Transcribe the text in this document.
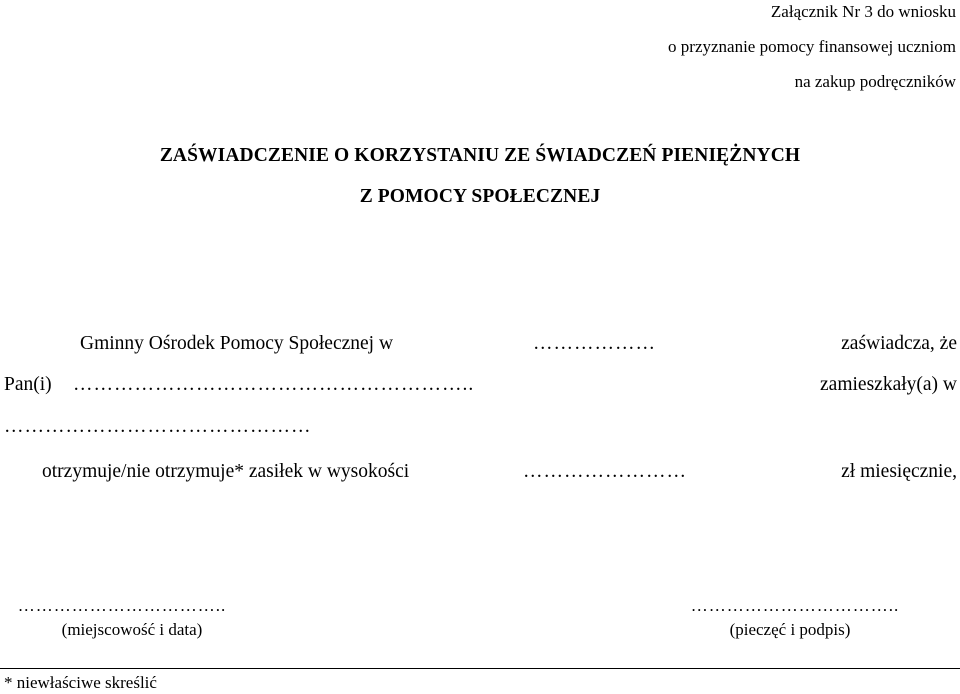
Załącznik Nr 3 do wniosku
o przyznanie pomocy finansowej uczniom
na zakup podręczników
ZAŚWIADCZENIE O KORZYSTANIU ZE ŚWIADCZEŃ PIENIĘŻNYCH
Z POMOCY SPOŁECZNEJ
Gminny Ośrodek Pomocy Społecznej w	………………	zaświadcza, że
Pan(i) …………………………………………………..	zamieszkały(a) w
………………………………………
otrzymuje/nie otrzymuje* zasiłek w wysokości	……………………	zł miesięcznie,
……………………………..
(miejscowość i data)
……………………………..
(pieczęć i podpis)
* niewłaściwe skreślić
